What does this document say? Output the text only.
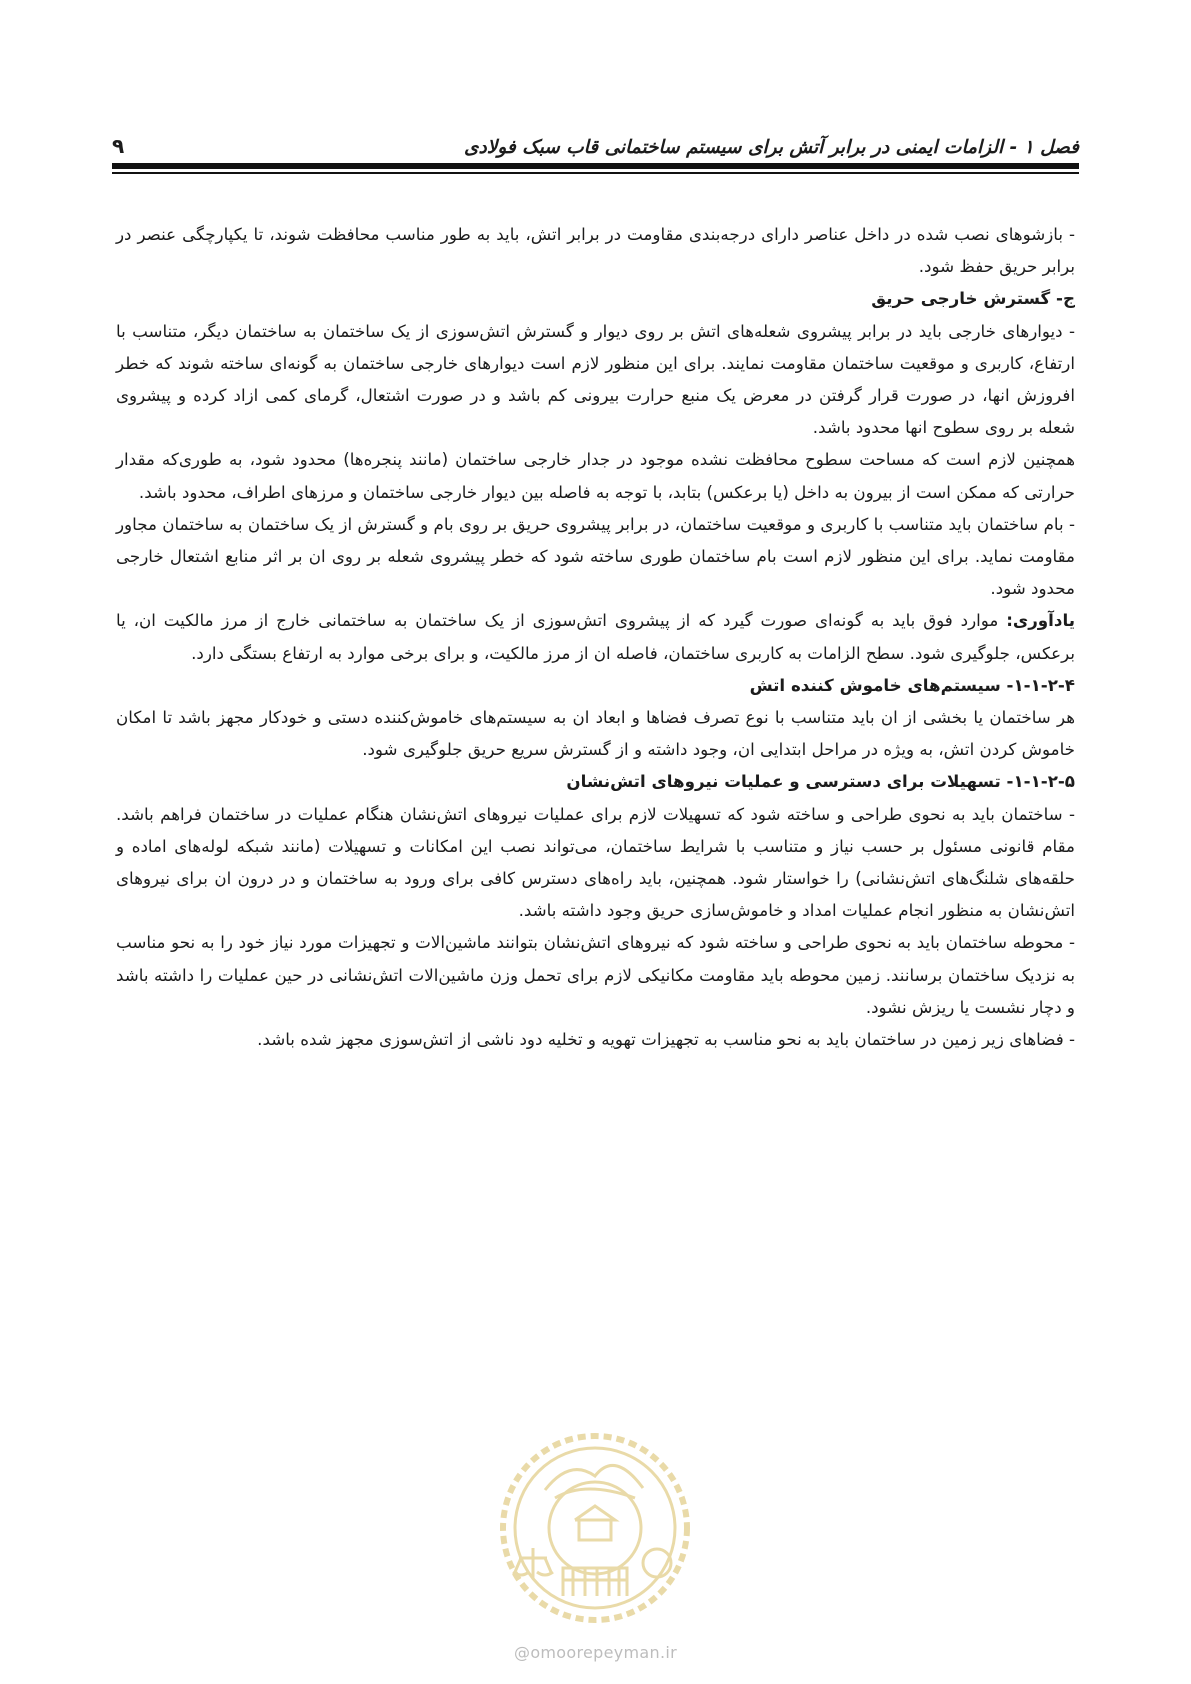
فصل ۱ - الزامات ایمنی در برابر آتش برای سیستم ساختمانی قاب سبک فولادی
۹

- بازشوهای نصب شده در داخل عناصر دارای درجه‌بندی مقاومت در برابر اتش، باید به طور مناسب محافظت شوند، تا یکپارچگی عنصر در برابر حریق حفظ شود.

ج- گسترش خارجی حریق

- دیوارهای خارجی باید در برابر پیشروی شعله‌های اتش بر روی دیوار و گسترش اتش‌سوزی از یک ساختمان به ساختمان دیگر، متناسب با ارتفاع، کاربری و موقعیت ساختمان مقاومت نمایند. برای این منظور لازم است دیوارهای خارجی ساختمان به گونه‌ای ساخته شوند که خطر افروزش انها، در صورت قرار گرفتن در معرض یک منبع حرارت بیرونی کم باشد و در صورت اشتعال، گرمای کمی ازاد کرده و پیشروی شعله بر روی سطوح انها محدود باشد.

همچنین لازم است که مساحت سطوح محافظت نشده موجود در جدار خارجی ساختمان (مانند پنجره‌ها) محدود شود، به طوری‌که مقدار حرارتی که ممکن است از بیرون به داخل (یا برعکس) بتابد، با توجه به فاصله بین دیوار خارجی ساختمان و مرزهای اطراف، محدود باشد.

- بام ساختمان باید متناسب با کاربری و موقعیت ساختمان، در برابر پیشروی حریق بر روی بام و گسترش از یک ساختمان به ساختمان مجاور مقاومت نماید. برای این منظور لازم است بام ساختمان طوری ساخته شود که خطر پیشروی شعله بر روی ان بر اثر منابع اشتعال خارجی محدود شود.

یادآوری: موارد فوق باید به گونه‌ای صورت گیرد که از پیشروی اتش‌سوزی از یک ساختمان به ساختمانی خارج از مرز مالکیت ان، یا برعکس، جلوگیری شود. سطح الزامات به کاربری ساختمان، فاصله ان از مرز مالکیت، و برای برخی موارد به ارتفاع بستگی دارد.

۱-۱-۲-۴- سیستم‌های خاموش کننده اتش

هر ساختمان یا بخشی از ان باید متناسب با نوع تصرف فضاها و ابعاد ان به سیستم‌های خاموش‌کننده دستی و خودکار مجهز باشد تا امکان خاموش کردن اتش، به ویژه در مراحل ابتدایی ان، وجود داشته و از گسترش سریع حریق جلوگیری شود.

۱-۱-۲-۵- تسهیلات برای دسترسی و عملیات نیروهای اتش‌نشان

- ساختمان باید به نحوی طراحی و ساخته شود که تسهیلات لازم برای عملیات نیروهای اتش‌نشان هنگام عملیات در ساختمان فراهم باشد. مقام قانونی مسئول بر حسب نیاز و متناسب با شرایط ساختمان، می‌تواند نصب این امکانات و تسهیلات (مانند شبکه لوله‌های اماده و حلقه‌های شلنگ‌های اتش‌نشانی) را خواستار شود. همچنین، باید راه‌های دسترس کافی برای ورود به ساختمان و در درون ان برای نیروهای اتش‌نشان به منظور انجام عملیات امداد و خاموش‌سازی حریق وجود داشته باشد.

- محوطه ساختمان باید به نحوی طراحی و ساخته شود که نیروهای اتش‌نشان بتوانند ماشین‌الات و تجهیزات مورد نیاز خود را به نحو مناسب به نزدیک ساختمان برسانند. زمین محوطه باید مقاومت مکانیکی لازم برای تحمل وزن ماشین‌الات اتش‌نشانی در حین عملیات را داشته باشد و دچار نشست یا ریزش نشود.

- فضاهای زیر زمین در ساختمان باید به نحو مناسب به تجهیزات تهویه و تخلیه دود ناشی از اتش‌سوزی مجهز شده باشد.

@omoorepeyman.ir
